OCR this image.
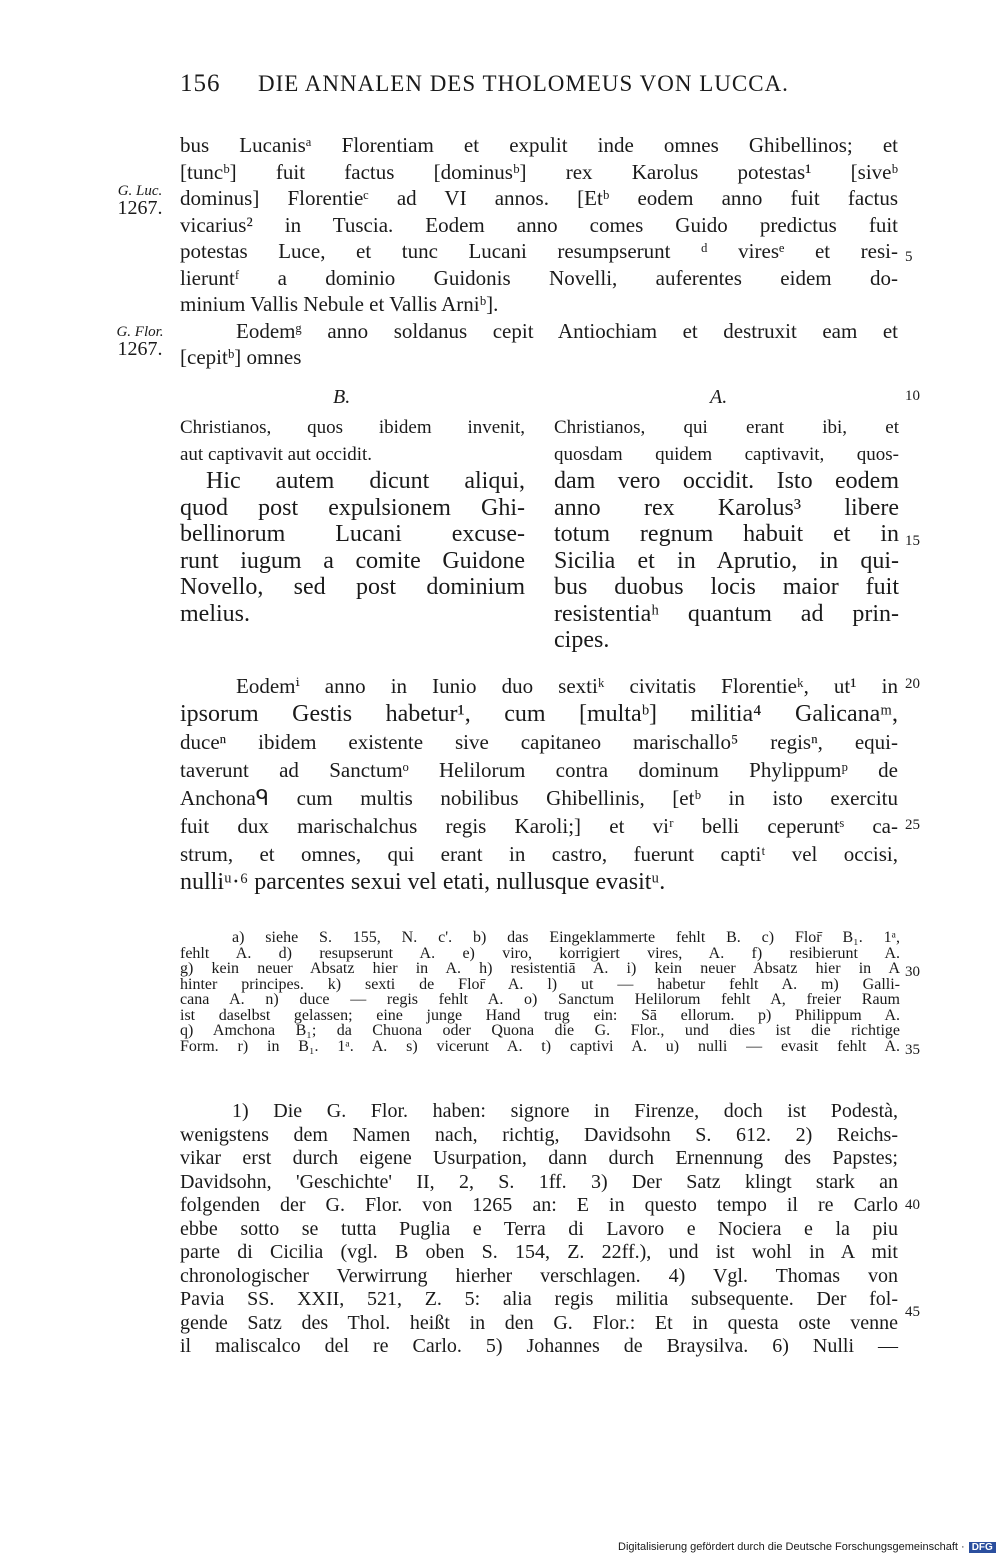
156 DIE ANNALEN DES THOLOMEUS VON LUCCA.
G. Luc.
1267.
G. Flor.
1267.
5
10
15
20
25
30
35
40
45
bus Lucanisᵃ Florentiam et expulit inde omnes Ghibellinos; et
[tuncᵇ] fuit factus [dominusᵇ] rex Karolus potestas¹ [siveᵇ
dominus] Florentieᶜ ad VI annos. [Etᵇ eodem anno fuit factus
vicarius² in Tuscia. Eodem anno comes Guido predictus fuit
potestas Luce, et tunc Lucani resumpserunt ᵈ viresᵉ et resi-
lieruntᶠ a dominio Guidonis Novelli, auferentes eidem do-
minium Vallis Nebule et Vallis Arniᵇ].
Eodemᵍ anno soldanus cepit Antiochiam et destruxit eam et
[cepitᵇ] omnes
B.	A.
Christianos, quos ibidem invenit,
aut captivavit aut occidit.
Hic autem dicunt aliqui,
quod post expulsionem Ghi-
bellinorum Lucani excuse-
runt iugum a comite Guidone
Novello, sed post dominium
melius.
Christianos, qui erant ibi, et
quosdam quidem captivavit, quos-
dam vero occidit. Isto eodem
anno rex Karolus³ libere
totum regnum habuit et in
Sicilia et in Aprutio, in qui-
bus duobus locis maior fuit
resistentiaʰ quantum ad prin-
cipes.
Eodemⁱ anno in Iunio duo sextiᵏ civitatis Florentieᵏ, ut¹ in
ipsorum Gestis habetur¹, cum [multaᵇ] militia⁴ Galicanaᵐ,
duceⁿ ibidem existente sive capitaneo marischallo⁵ regisⁿ, equi-
taverunt ad Sanctumᵒ Helilorum contra dominum Phylippumᵖ de
Anchonaᑫ cum multis nobilibus Ghibellinis, [etᵇ in isto exercitu
fuit dux marischalchus regis Karoli;] et viʳ belli ceperuntˢ ca-
strum, et omnes, qui erant in castro, fuerunt captiᵗ vel occisi,
nulliᵘ·⁶ parcentes sexui vel etati, nullusque evasitᵘ.
a) siehe S. 155, N. c'. b) das Eingeklammerte fehlt B. c) Flor̄ B₁. 1ᵃ,
fehlt A. d) resupserunt A. e) viro, korrigiert vires, A. f) resibierunt A.
g) kein neuer Absatz hier in A. h) resistentiā A. i) kein neuer Absatz hier in A
hinter principes. k) sexti de Flor̄ A. l) ut — habetur fehlt A. m) Galli-
cana A. n) duce — regis fehlt A. o) Sanctum Helilorum fehlt A, freier Raum
ist daselbst gelassen; eine junge Hand trug ein: Sā ellorum. p) Philippum A.
q) Amchona B₁; da Chuona oder Quona die G. Flor., und dies ist die richtige
Form. r) in B₁. 1ᵃ. A. s) vicerunt A. t) captivi A. u) nulli — evasit fehlt A.
1) Die G. Flor. haben: signore in Firenze, doch ist Podestà,
wenigstens dem Namen nach, richtig, Davidsohn S. 612. 2) Reichs-
vikar erst durch eigene Usurpation, dann durch Ernennung des Papstes;
Davidsohn, 'Geschichte' II, 2, S. 1ff. 3) Der Satz klingt stark an
folgenden der G. Flor. von 1265 an: E in questo tempo il re Carlo
ebbe sotto se tutta Puglia e Terra di Lavoro e Nociera e la piu
parte di Cicilia (vgl. B oben S. 154, Z. 22ff.), und ist wohl in A mit
chronologischer Verwirrung hierher verschlagen. 4) Vgl. Thomas von
Pavia SS. XXII, 521, Z. 5: alia regis militia subsequente. Der fol-
gende Satz des Thol. heißt in den G. Flor.: Et in questa oste venne
il maliscalco del re Carlo. 5) Johannes de Braysilva. 6) Nulli —
Digitalisierung gefördert durch die Deutsche Forschungsgemeinschaft · DFG
